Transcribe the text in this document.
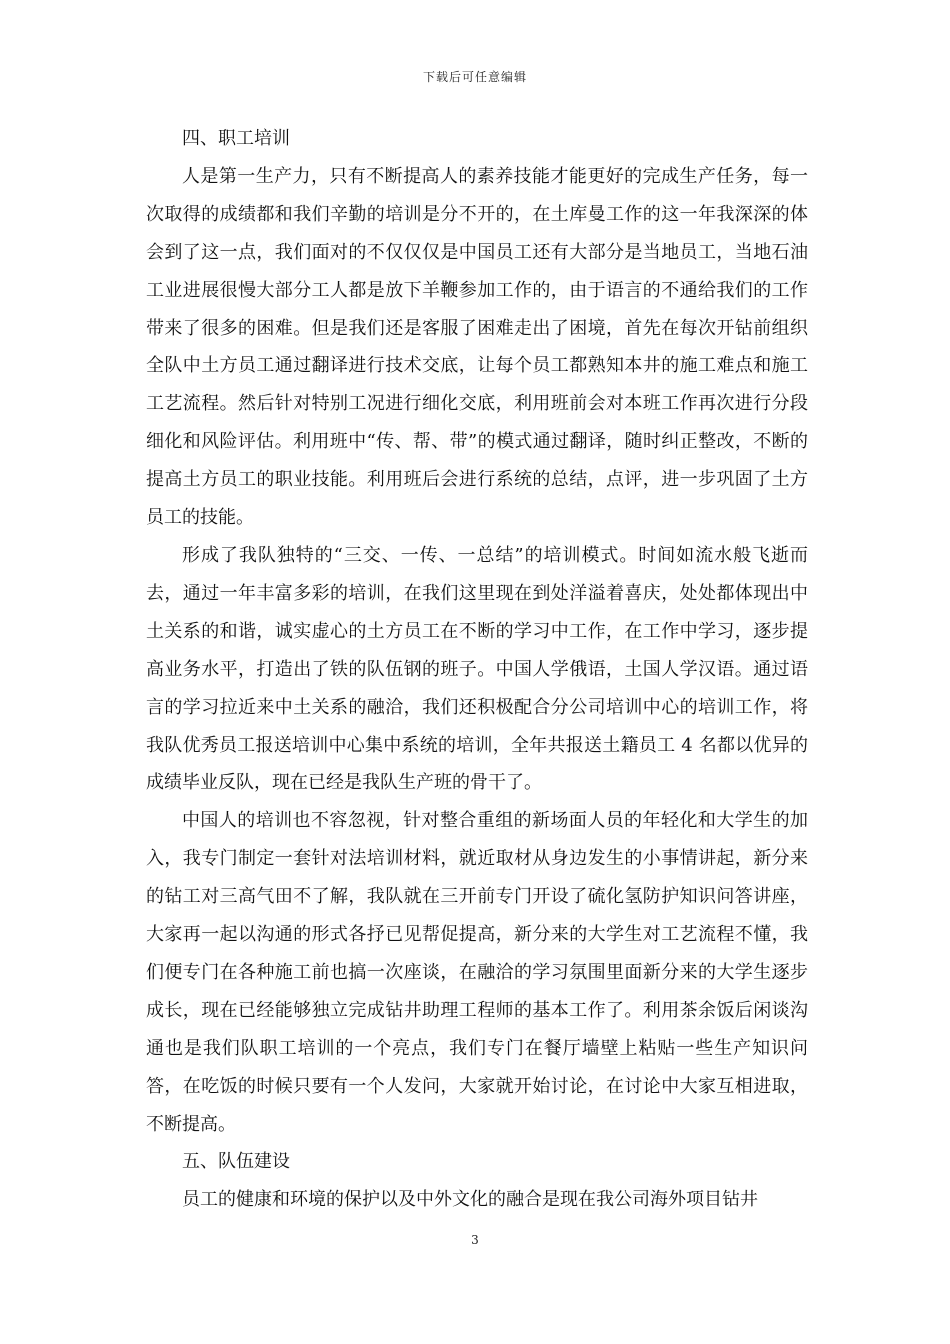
下载后可任意编辑

四、职工培训

人是第一生产力，只有不断提高人的素养技能才能更好的完成生产任务，每一次取得的成绩都和我们辛勤的培训是分不开的，在土库曼工作的这一年我深深的体会到了这一点，我们面对的不仅仅仅是中国员工还有大部分是当地员工，当地石油工业进展很慢大部分工人都是放下羊鞭参加工作的，由于语言的不通给我们的工作带来了很多的困难。但是我们还是客服了困难走出了困境，首先在每次开钻前组织全队中土方员工通过翻译进行技术交底，让每个员工都熟知本井的施工难点和施工工艺流程。然后针对特别工况进行细化交底，利用班前会对本班工作再次进行分段细化和风险评估。利用班中“传、帮、带”的模式通过翻译，随时纠正整改，不断的提高土方员工的职业技能。利用班后会进行系统的总结，点评，进一步巩固了土方员工的技能。

形成了我队独特的“三交、一传、一总结”的培训模式。时间如流水般飞逝而去，通过一年丰富多彩的培训，在我们这里现在到处洋溢着喜庆，处处都体现出中土关系的和谐，诚实虚心的土方员工在不断的学习中工作，在工作中学习，逐步提高业务水平，打造出了铁的队伍钢的班子。中国人学俄语，土国人学汉语。通过语言的学习拉近来中土关系的融洽，我们还积极配合分公司培训中心的培训工作，将我队优秀员工报送培训中心集中系统的培训，全年共报送土籍员工 4 名都以优异的成绩毕业反队，现在已经是我队生产班的骨干了。

中国人的培训也不容忽视，针对整合重组的新场面人员的年轻化和大学生的加入，我专门制定一套针对法培训材料，就近取材从身边发生的小事情讲起，新分来的钻工对三高气田不了解，我队就在三开前专门开设了硫化氢防护知识问答讲座，大家再一起以沟通的形式各抒已见帮促提高，新分来的大学生对工艺流程不懂，我们便专门在各种施工前也搞一次座谈，在融洽的学习氛围里面新分来的大学生逐步成长，现在已经能够独立完成钻井助理工程师的基本工作了。利用茶余饭后闲谈沟通也是我们队职工培训的一个亮点，我们专门在餐厅墙壁上粘贴一些生产知识问答，在吃饭的时候只要有一个人发问，大家就开始讨论，在讨论中大家互相进取，不断提高。

五、队伍建设

员工的健康和环境的保护以及中外文化的融合是现在我公司海外项目钻井

3
